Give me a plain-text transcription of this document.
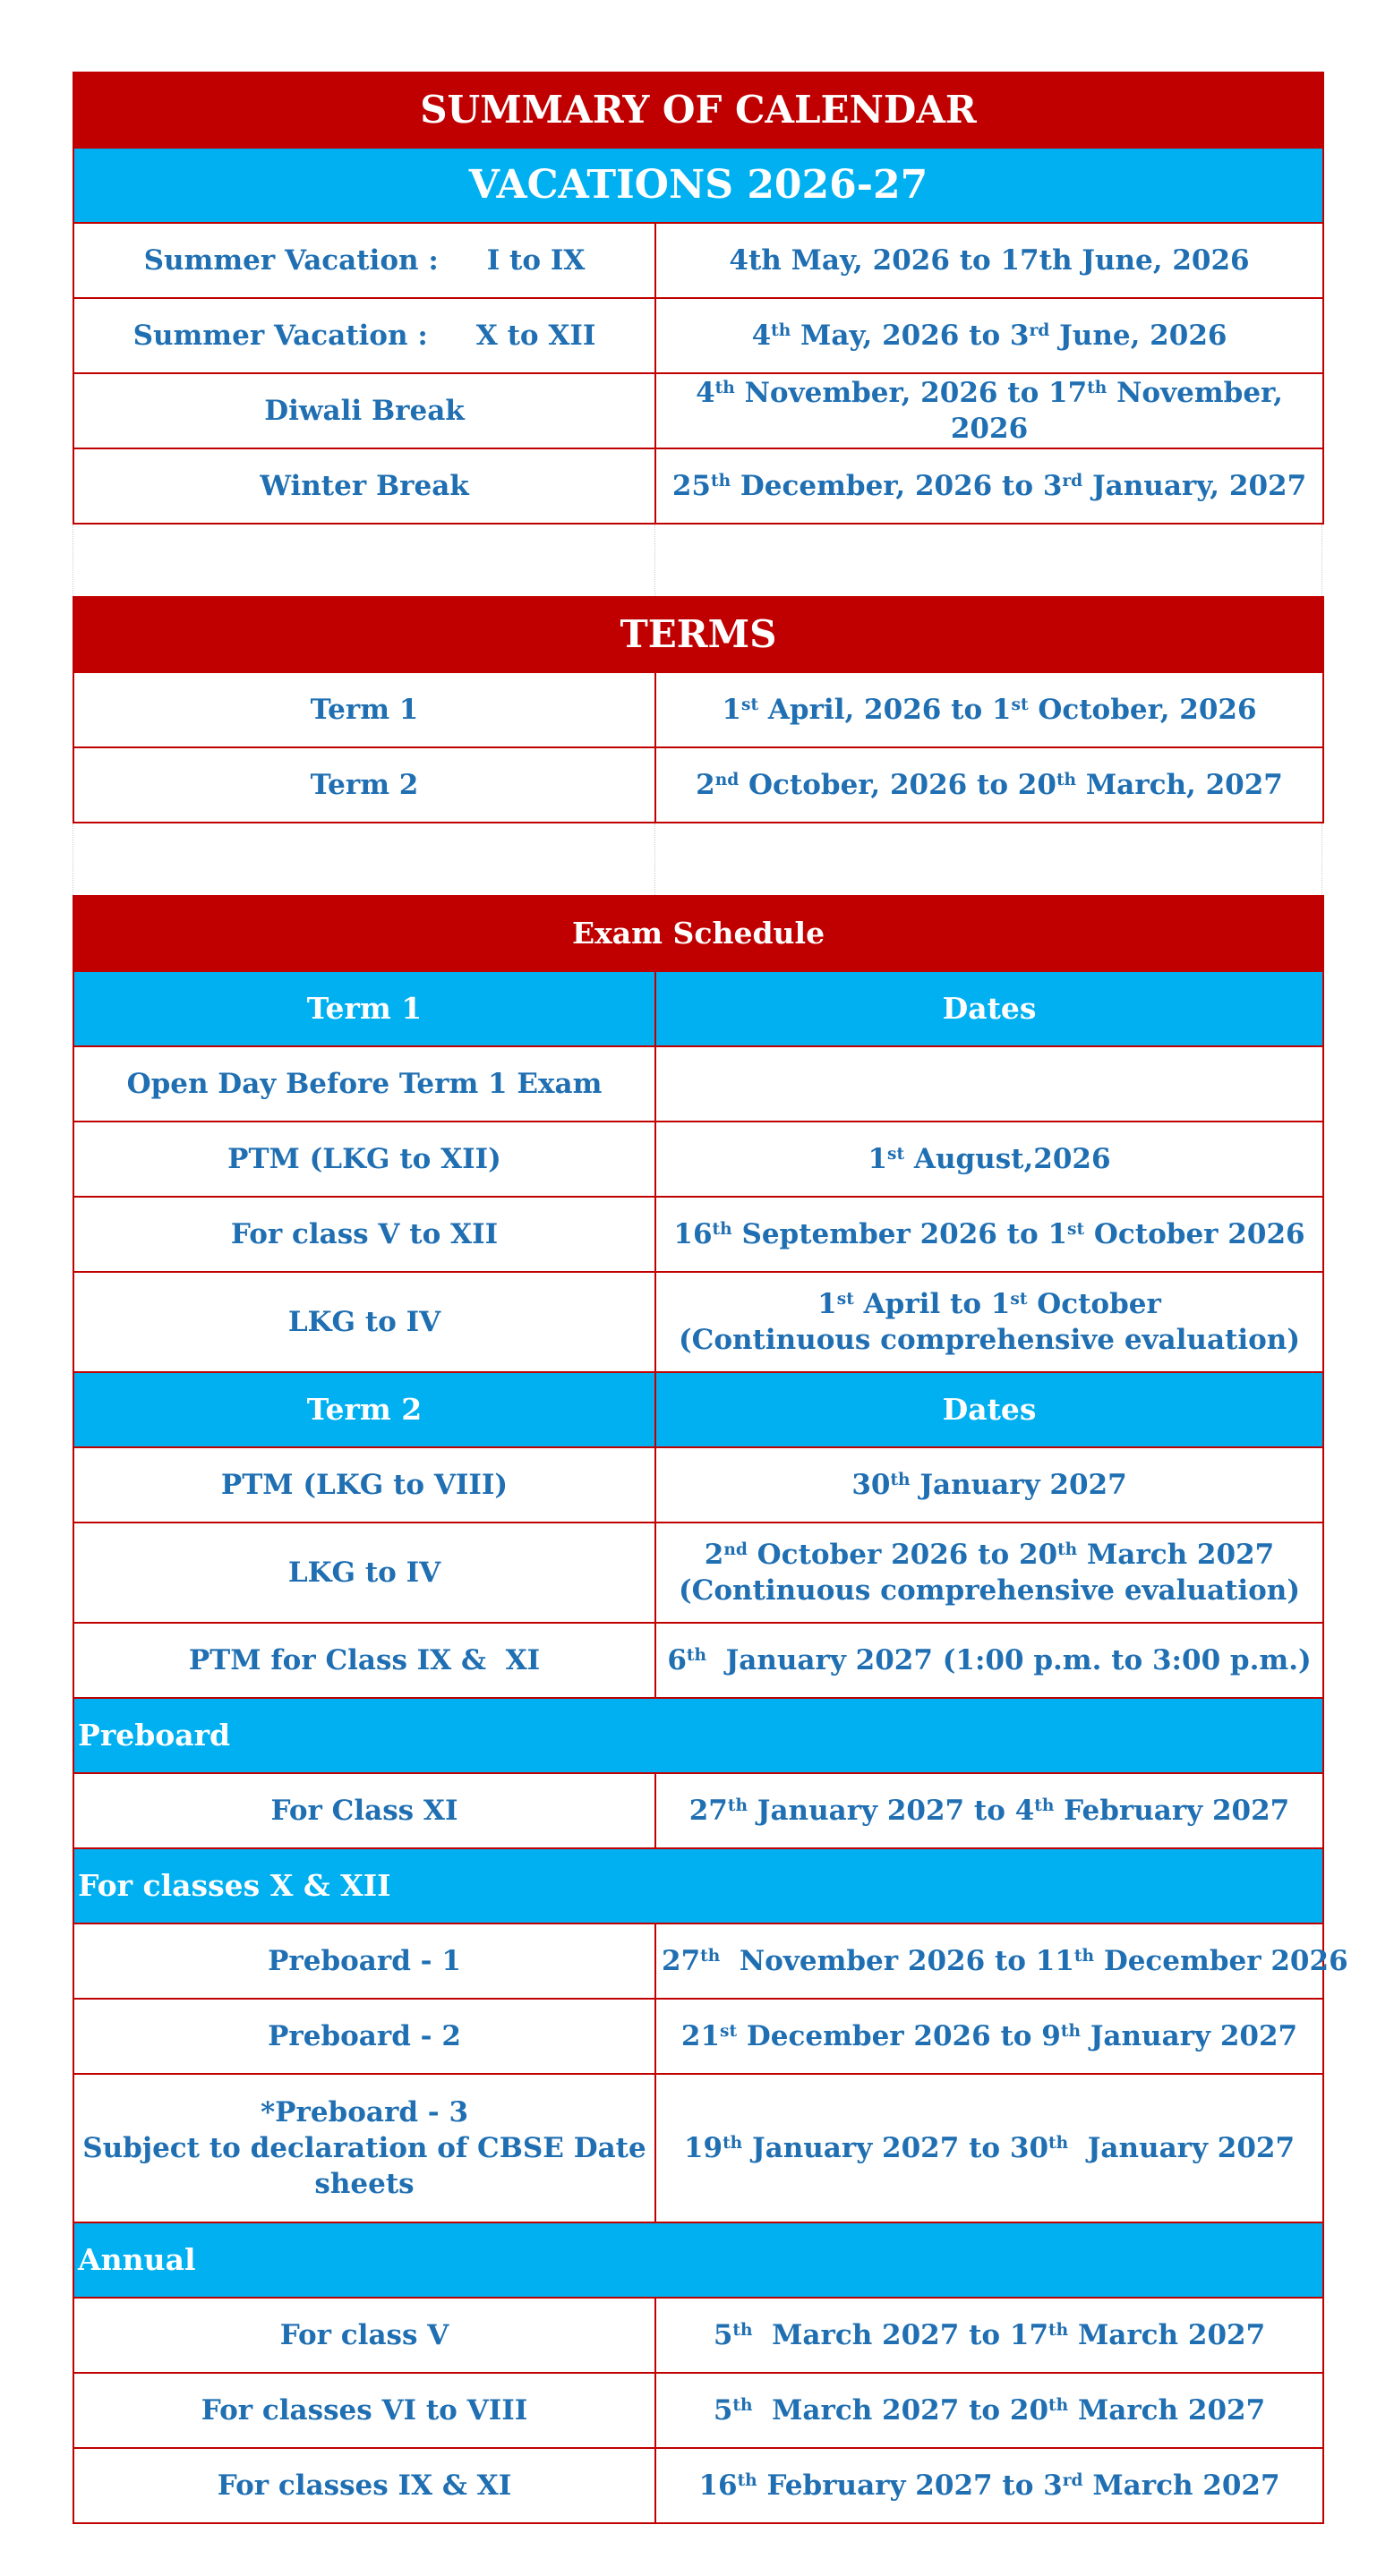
SUMMARY OF CALENDAR	
VACATIONS 2026-27	
Summer Vacation :     I to IX	4th May, 2026 to 17th June, 2026
Summer Vacation :     X to XII	4th May, 2026 to 3rd June, 2026
Diwali Break	4th November, 2026 to 17th November, 2026
Winter Break	25th December, 2026 to 3rd January, 2027
TERMS	
Term 1	1st April, 2026 to 1st October, 2026
Term 2	2nd October, 2026 to 20th March, 2027
Exam Schedule	
Term 1	Dates
Open Day Before Term 1 Exam	
PTM (LKG to XII)	1st August,2026
For class V to XII	16th September 2026 to 1st October 2026
LKG to IV	1st April to 1st October
(Continuous comprehensive evaluation)

Term 2	Dates
PTM (LKG to VIII)	30th January 2027
LKG to IV	2nd October 2026 to 20th March 2027
(Continuous comprehensive evaluation)

PTM for Class IX &  XI	6th  January 2027 (1:00 p.m. to 3:00 p.m.)
Preboard	
For Class XI	27th January 2027 to 4th February 2027
For classes X & XII	
Preboard - 1	27th  November 2026 to 11th December 2026
Preboard - 2	21st December 2026 to 9th January 2027

*Preboard - 3
Subject to declaration of CBSE Date
sheets	19th January 2027 to 30th  January 2027
Annual	
For class V	5th  March 2027 to 17th March 2027
For classes VI to VIII	5th  March 2027 to 20th March 2027
For classes IX & XI	16th February 2027 to 3rd March 2027
